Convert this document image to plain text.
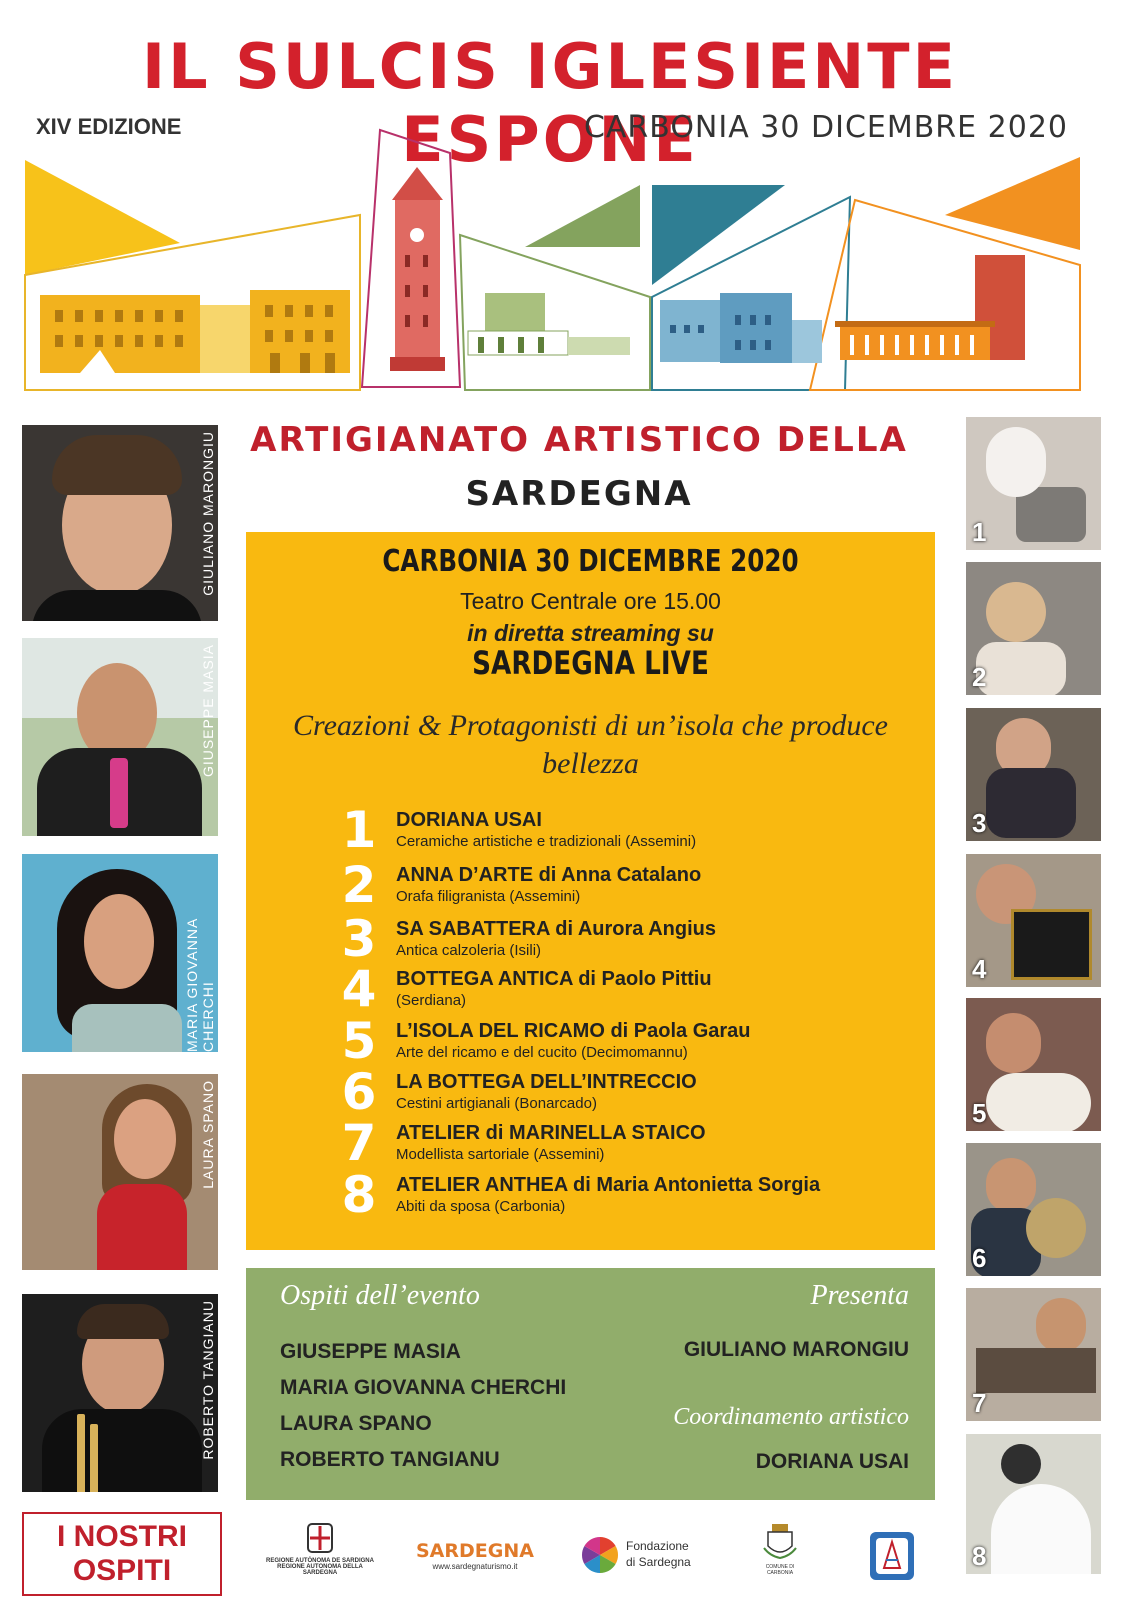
IL SULCIS IGLESIENTE ESPONE
XIV EDIZIONE	CARBONIA 30 DICEMBRE 2020
GIULIANO MARONGIU
GIUSEPPE MASIA
MARIA GIOVANNA CHERCHI
LAURA SPANO
ROBERTO TANGIANU
1
2
3
4
5
6
7
8
ARTIGIANATO ARTISTICO DELLA
SARDEGNA
CARBONIA 30 DICEMBRE 2020
Teatro Centrale ore 15.00
in diretta streaming su
SARDEGNA LIVE
Creazioni & Protagonisti di un’isola che produce bellezza
1 DORIANA USAI
Ceramiche artistiche e tradizionali (Assemini)
2 ANNA D’ARTE di Anna Catalano
Orafa filigranista (Assemini)
3 SA SABATTERA di Aurora Angius
Antica calzoleria (Isili)
4 BOTTEGA ANTICA di Paolo Pittiu
(Serdiana)
5 L’ISOLA DEL RICAMO di Paola Garau
Arte del ricamo e del cucito (Decimomannu)
6 LA BOTTEGA DELL’INTRECCIO
Cestini artigianali (Bonarcado)
7 ATELIER di MARINELLA STAICO
Modellista sartoriale (Assemini)
8 ATELIER ANTHEA di Maria Antonietta Sorgia
Abiti da sposa (Carbonia)
Ospiti dell’evento
GIUSEPPE MASIA
MARIA GIOVANNA CHERCHI
LAURA SPANO
ROBERTO TANGIANU
Presenta
GIULIANO MARONGIU
Coordinamento artistico
DORIANA USAI
I NOSTRI
OSPITI	REGIONE AUTÒNOMA DE SARDIGNA
REGIONE AUTONOMA DELLA SARDEGNA
SARDEGNA
www.sardegnaturismo.it
Fondazione
di Sardegna	COMUNE DI
CARBONIA
